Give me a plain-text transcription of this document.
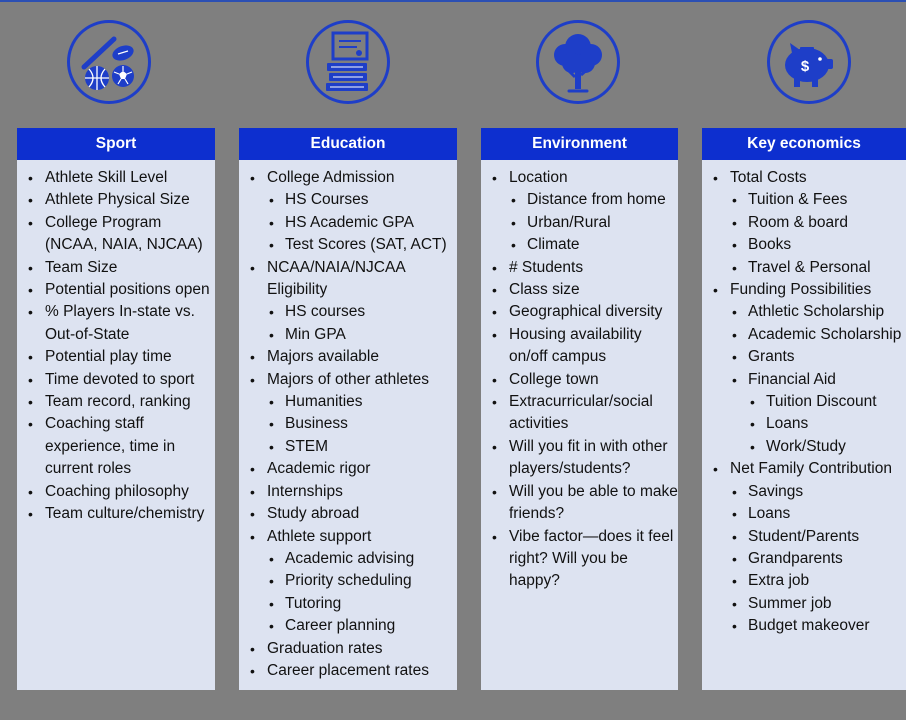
$
Sport
• Athlete Skill Level
• Athlete Physical Size
• College Program (NCAA, NAIA, NJCAA)
• Team Size
• Potential positions open
• % Players In-state vs. Out-of-State
• Potential play time
• Time devoted to sport
• Team record, ranking
• Coaching staff experience, time in current roles
• Coaching philosophy
• Team culture/chemistry
Education
• College Admission
• HS Courses
• HS Academic GPA
• Test Scores (SAT, ACT)
• NCAA/NAIA/NJCAA Eligibility
• HS courses
• Min GPA
• Majors available
• Majors of other athletes
• Humanities
• Business
• STEM
• Academic rigor
• Internships
• Study abroad
• Athlete support
• Academic advising
• Priority scheduling
• Tutoring
• Career planning
• Graduation rates
• Career placement rates
Environment
• Location
• Distance from home
• Urban/Rural
• Climate
• # Students
• Class size
• Geographical diversity
• Housing availability on/off campus
• College town
• Extracurricular/social activities
• Will you fit in with other players/students?
• Will you be able to make friends?
• Vibe factor—does it feel right? Will you be happy?
Key economics
• Total Costs
• Tuition & Fees
• Room & board
• Books
• Travel & Personal
• Funding Possibilities
• Athletic Scholarship
• Academic Scholarship
• Grants
• Financial Aid
• Tuition Discount
• Loans
• Work/Study
• Net Family Contribution
• Savings
• Loans
• Student/Parents
• Grandparents
• Extra job
• Summer job
• Budget makeover
